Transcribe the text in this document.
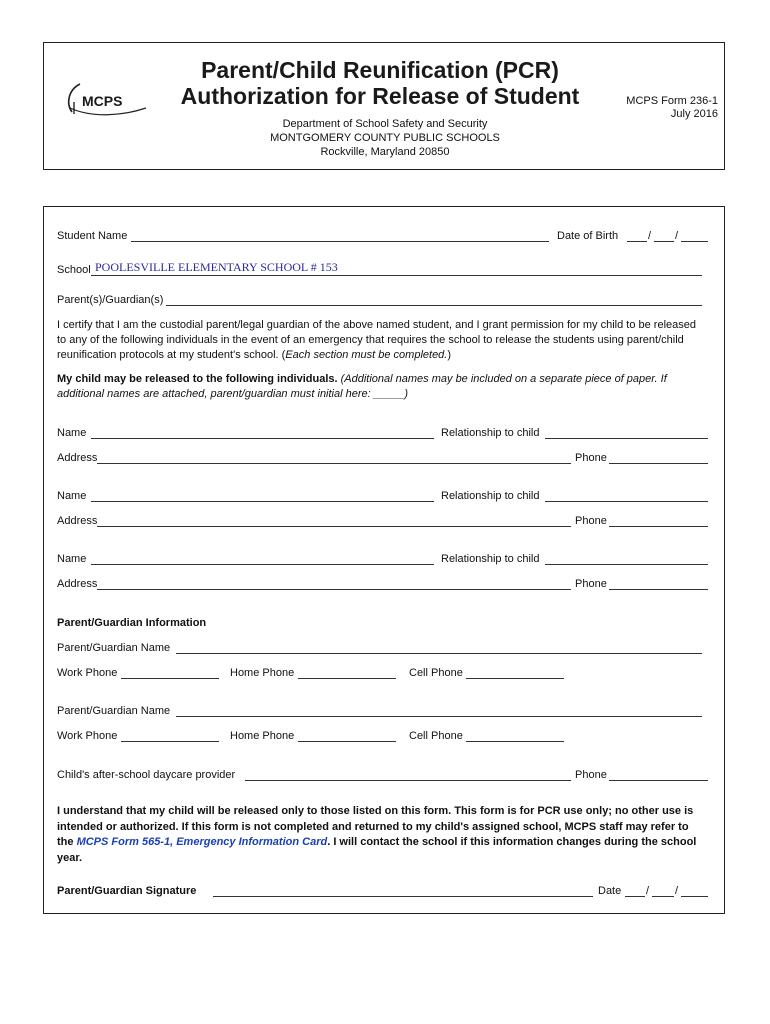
MCPS
Parent/Child Reunification (PCR)
Authorization for Release of Student
Department of School Safety and Security
MONTGOMERY COUNTY PUBLIC SCHOOLS
Rockville, Maryland 20850
MCPS Form 236-1
July 2016
Student Name	Date of Birth	/ /
School POOLESVILLE ELEMENTARY SCHOOL # 153
Parent(s)/Guardian(s)
I certify that I am the custodial parent/legal guardian of the above named student, and I grant permission for my child to be released to any of the following individuals in the event of an emergency that requires the school to release the students using parent/child reunification protocols at my student's school. (Each section must be completed.)
My child may be released to the following individuals. (Additional names may be included on a separate piece of paper. If additional names are attached, parent/guardian must initial here: _____)
Name	Relationship to child
Address	Phone
Name	Relationship to child
Address	Phone
Name	Relationship to child
Address	Phone
Parent/Guardian Information
Parent/Guardian Name
Work Phone	Home Phone	Cell Phone
Parent/Guardian Name
Work Phone	Home Phone	Cell Phone
Child's after-school daycare provider	Phone
I understand that my child will be released only to those listed on this form. This form is for PCR use only; no other use is intended or authorized. If this form is not completed and returned to my child's assigned school, MCPS staff may refer to the MCPS Form 565-1, Emergency Information Card. I will contact the school if this information changes during the school year.
Parent/Guardian Signature	Date / /
